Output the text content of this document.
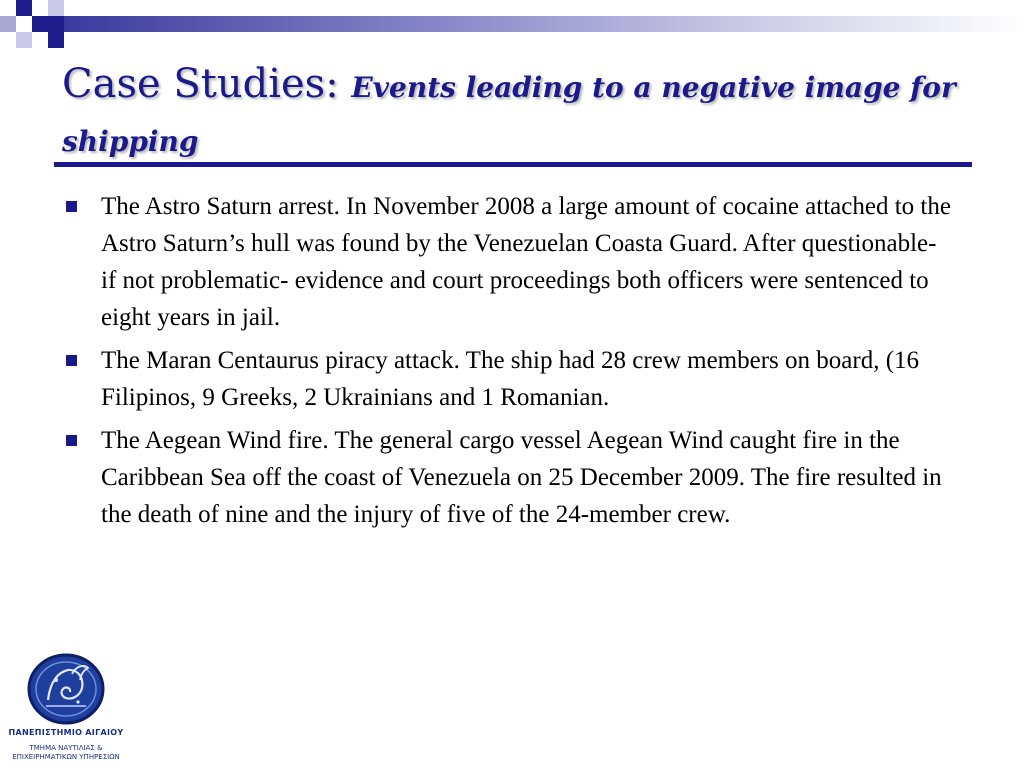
Case Studies: Events leading to a negative image for shipping
The Astro Saturn arrest. In November 2008 a large amount of cocaine attached to the Astro Saturn’s hull was found by the Venezuelan Coasta Guard. After questionable- if not problematic- evidence and court proceedings both officers were sentenced to eight years in jail.
The Maran Centaurus piracy attack. The ship had 28 crew members on board, (16 Filipinos, 9 Greeks, 2 Ukrainians and 1 Romanian.
The Aegean Wind fire. The general cargo vessel Aegean Wind caught fire in the Caribbean Sea off the coast of Venezuela on 25 December 2009. The fire resulted in the death of nine and the injury of five of the 24-member crew.
ΠΑΝΕΠΙΣΤΗΜΙΟ ΑΙΓΑΙΟΥ
ΤΜΗΜΑ ΝΑΥΤΙΛΙΑΣ &
ΕΠΙΧΕΙΡΗΜΑΤΙΚΩΝ ΥΠΗΡΕΣΙΩΝ
